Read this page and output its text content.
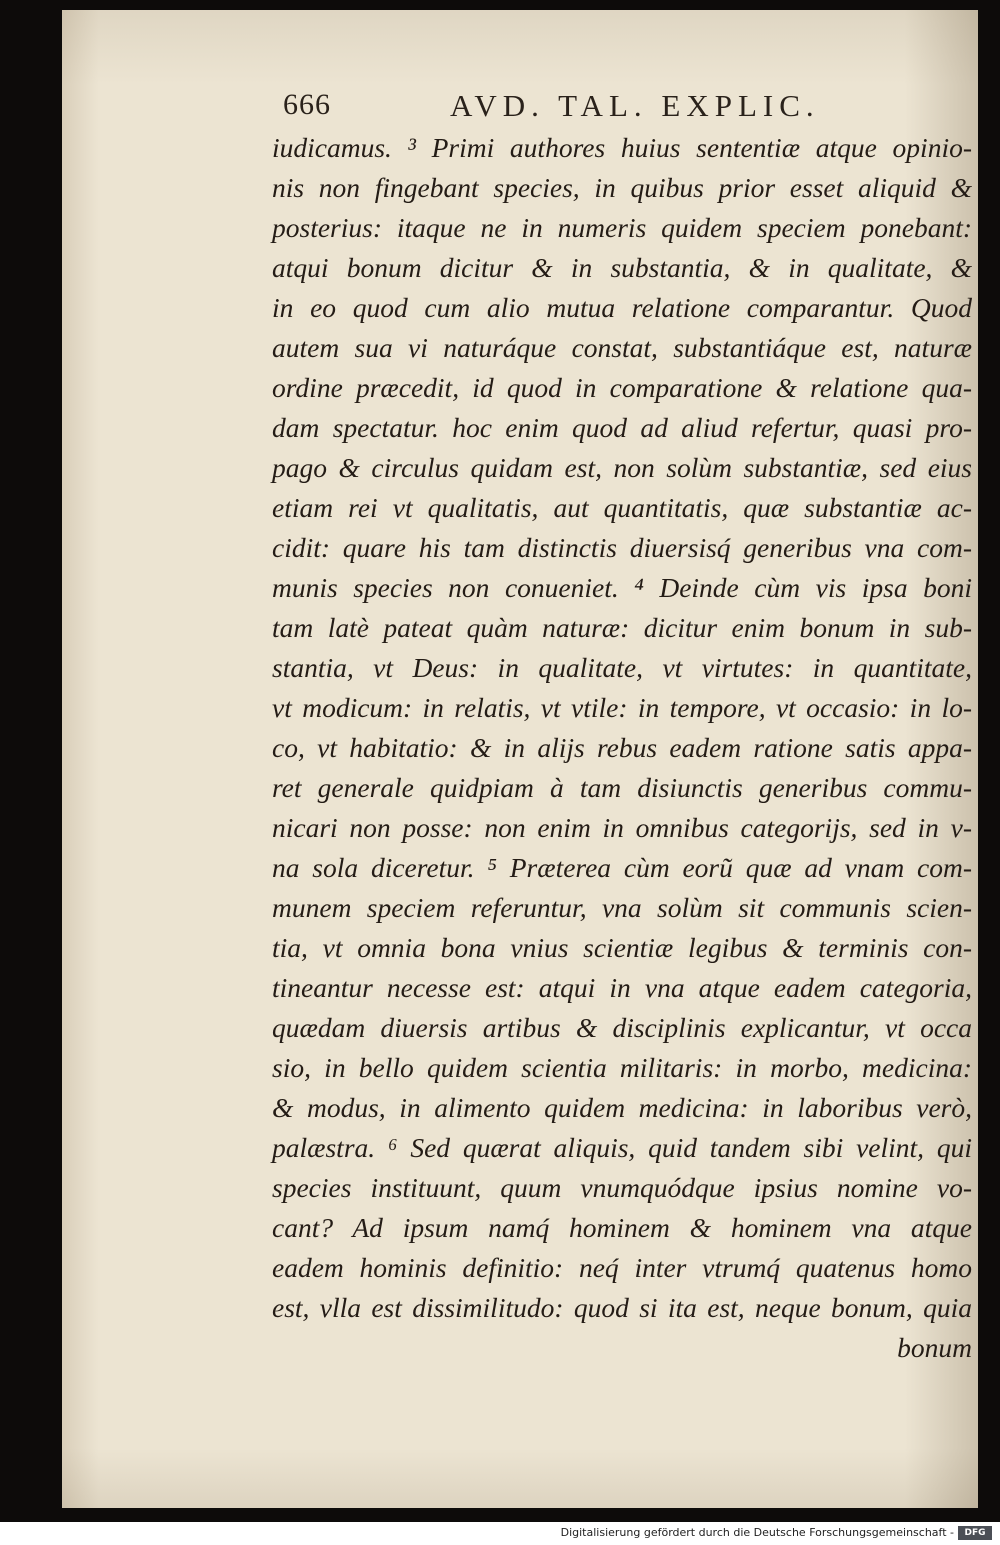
666	AVD. TAL. EXPLIC.
iudicamus. ³ Primi authores huius sententiæ atque opinio-
nis non fingebant species, in quibus prior esset aliquid &
posterius: itaque ne in numeris quidem speciem ponebant:
atqui bonum dicitur & in substantia, & in qualitate, &
in eo quod cum alio mutua relatione comparantur. Quod
autem sua vi naturáque constat, substantiáque est, naturæ
ordine præcedit, id quod in comparatione & relatione qua-
dam spectatur. hoc enim quod ad aliud refertur, quasi pro-
pago & circulus quidam est, non solùm substantiæ, sed eius
etiam rei vt qualitatis, aut quantitatis, quæ substantiæ ac-
cidit: quare his tam distinctis diuersisq́ generibus vna com-
munis species non conueniet. ⁴ Deinde cùm vis ipsa boni
tam latè pateat quàm naturæ: dicitur enim bonum in sub-
stantia, vt Deus: in qualitate, vt virtutes: in quantitate,
vt modicum: in relatis, vt vtile: in tempore, vt occasio: in lo-
co, vt habitatio: & in alijs rebus eadem ratione satis appa-
ret generale quidpiam à tam disiunctis generibus commu-
nicari non posse: non enim in omnibus categorijs, sed in v-
na sola diceretur. ⁵ Præterea cùm eorũ quæ ad vnam com-
munem speciem referuntur, vna solùm sit communis scien-
tia, vt omnia bona vnius scientiæ legibus & terminis con-
tineantur necesse est: atqui in vna atque eadem categoria,
quædam diuersis artibus & disciplinis explicantur, vt occa
sio, in bello quidem scientia militaris: in morbo, medicina:
& modus, in alimento quidem medicina: in laboribus verò,
palæstra. ⁶ Sed quærat aliquis, quid tandem sibi velint, qui
species instituunt, quum vnumquódque ipsius nomine vo-
cant? Ad ipsum namq́ hominem & hominem vna atque
eadem hominis definitio: neq́ inter vtrumq́ quatenus homo
est, vlla est dissimilitudo: quod si ita est, neque bonum, quia
bonum
Digitalisierung gefördert durch die Deutsche Forschungsgemeinschaft -	DFG
